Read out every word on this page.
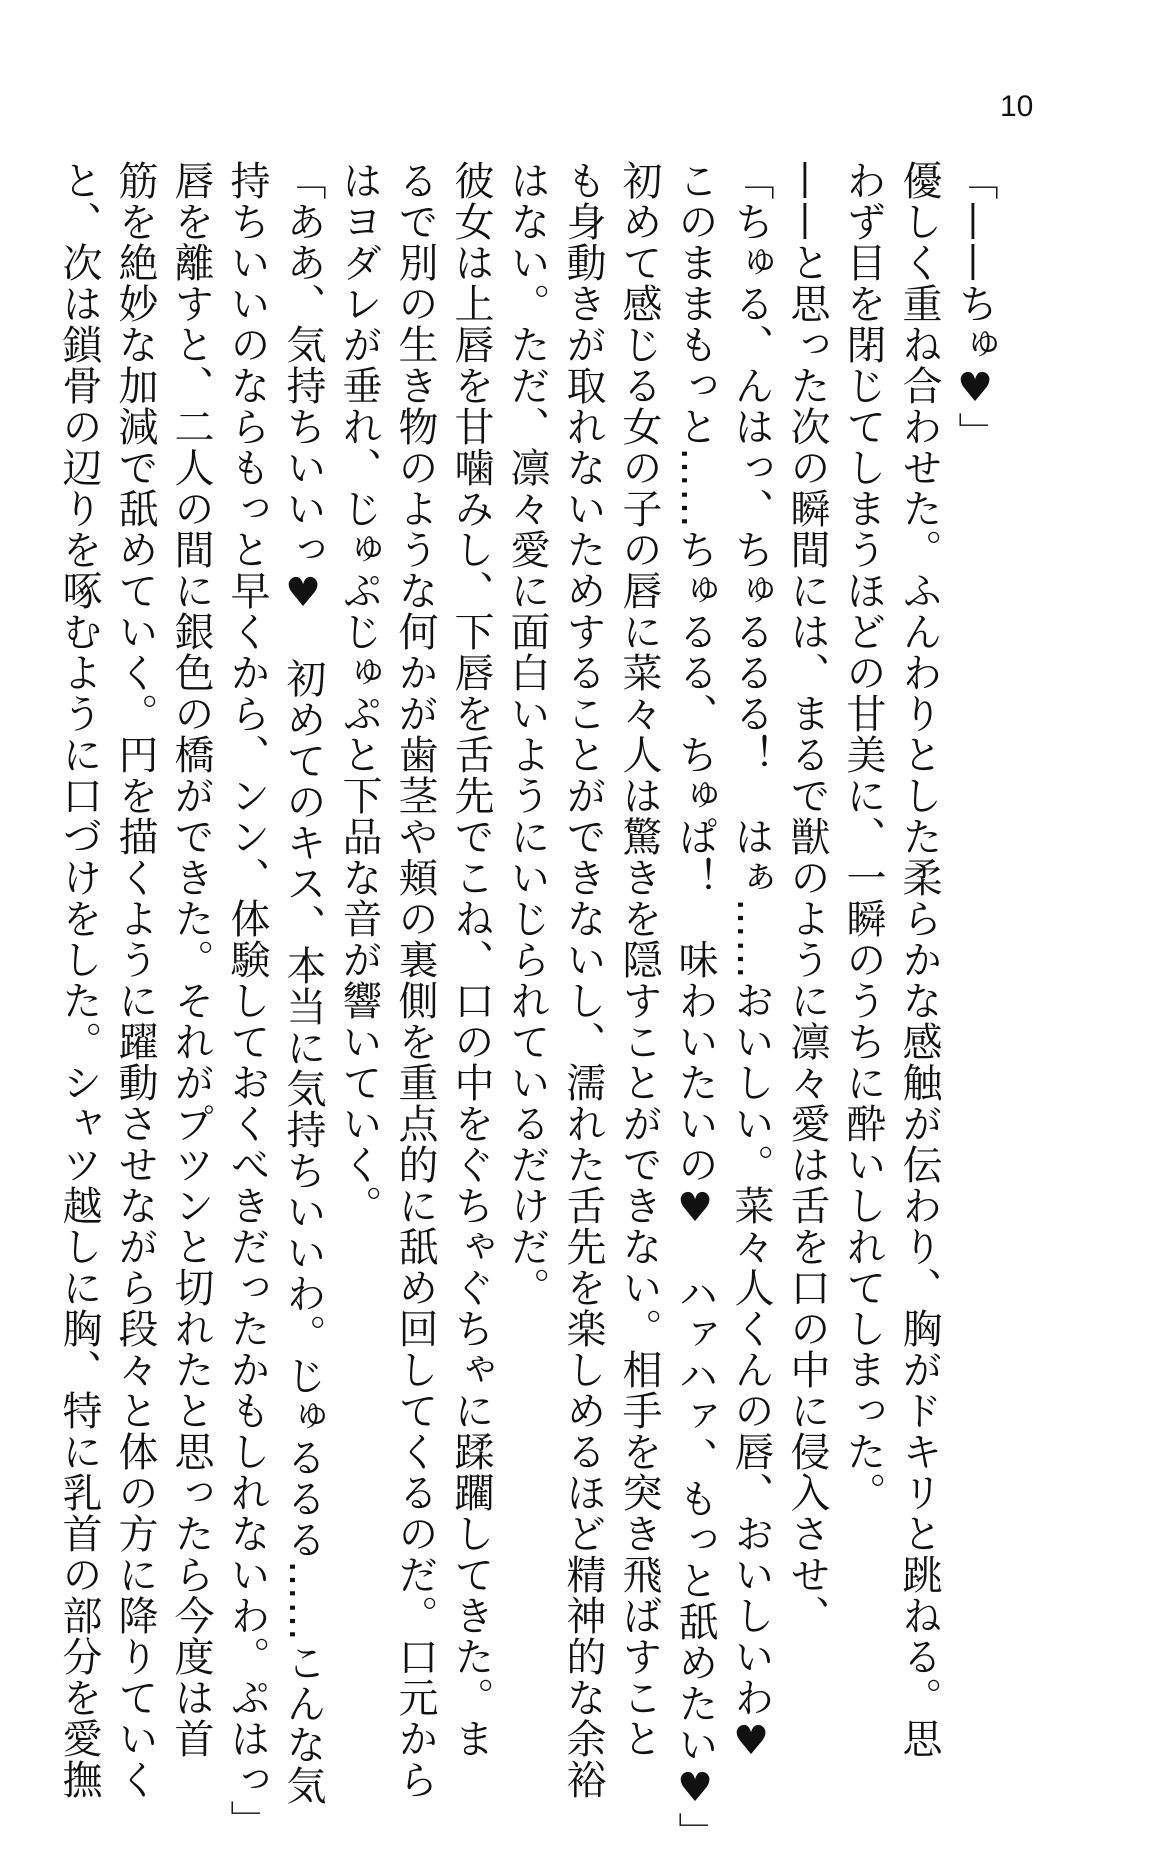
10

「——ちゅ♥」

優しく重ね合わせた。ふんわりとした柔らかな感触が伝わり、胸がドキリと跳ねる。思

わず目を閉じてしまうほどの甘美に、一瞬のうちに酔いしれてしまった。

——と思った次の瞬間には、まるで獣のように凛々愛は舌を口の中に侵入させ、

「ちゅる、んはっ、ちゅるるる！　はぁ……おいしい。菜々人くんの唇、おいしいわ♥

このままもっと……ちゅるる、ちゅぱ！　味わいたいの♥　ハァハァ、もっと舐めたい♥」

初めて感じる女の子の唇に菜々人は驚きを隠すことができない。相手を突き飛ばすこと

も身動きが取れないためすることができないし、濡れた舌先を楽しめるほど精神的な余裕

はない。ただ、凛々愛に面白いようにいじられているだけだ。

彼女は上唇を甘噛みし、下唇を舌先でこね、口の中をぐちゃぐちゃに蹂躙してきた。ま

るで別の生き物のような何かが歯茎や頬の裏側を重点的に舐め回してくるのだ。口元から

はヨダレが垂れ、じゅぷじゅぷと下品な音が響いていく。

「ああ、気持ちいいっ♥　初めてのキス、本当に気持ちいいわ。じゅるるる……こんな気

持ちいいのならもっと早くから、ンン、体験しておくべきだったかもしれないわ。ぷはっ」

唇を離すと、二人の間に銀色の橋ができた。それがプツンと切れたと思ったら今度は首

筋を絶妙な加減で舐めていく。円を描くように躍動させながら段々と体の方に降りていく

と、次は鎖骨の辺りを啄むように口づけをした。シャツ越しに胸、特に乳首の部分を愛撫
